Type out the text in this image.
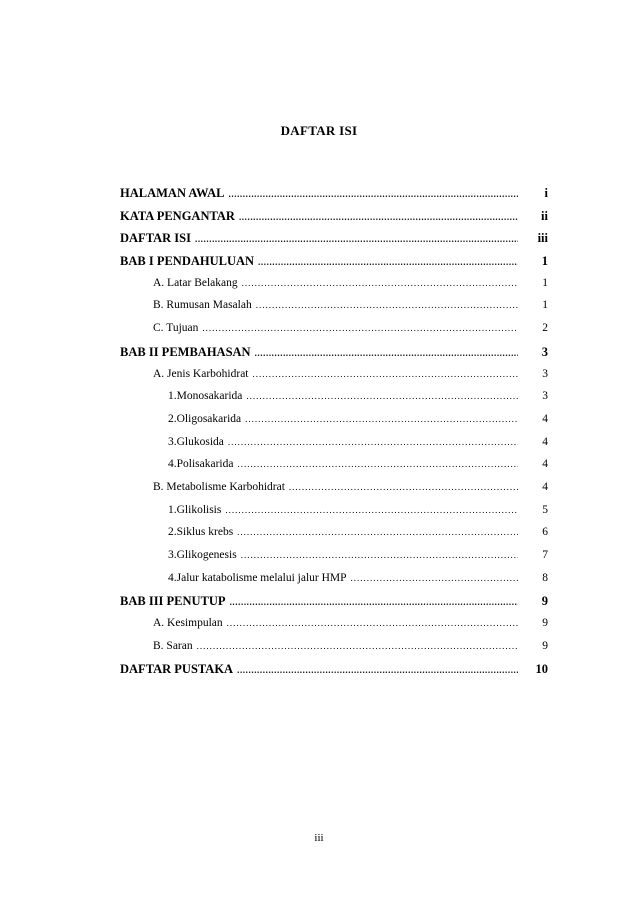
DAFTAR ISI
HALAMAN AWAL .....	i
KATA PENGANTAR .....	ii
DAFTAR ISI .....	iii
BAB I PENDAHULUAN .....	1
A. Latar Belakang .....	1
B. Rumusan Masalah .....	1
C. Tujuan .....	2
BAB II PEMBAHASAN .....	3
A. Jenis Karbohidrat .....	3
1. Monosakarida .....	3
2. Oligosakarida .....	4
3. Glukosida .....	4
4. Polisakarida .....	4
B. Metabolisme Karbohidrat .....	4
1. Glikolisis .....	5
2. Siklus krebs .....	6
3. Glikogenesis .....	7
4. Jalur katabolisme melalui jalur HMP .....	8
BAB III PENUTUP .....	9
A. Kesimpulan .....	9
B. Saran .....	9
DAFTAR PUSTAKA .....	10
iii
